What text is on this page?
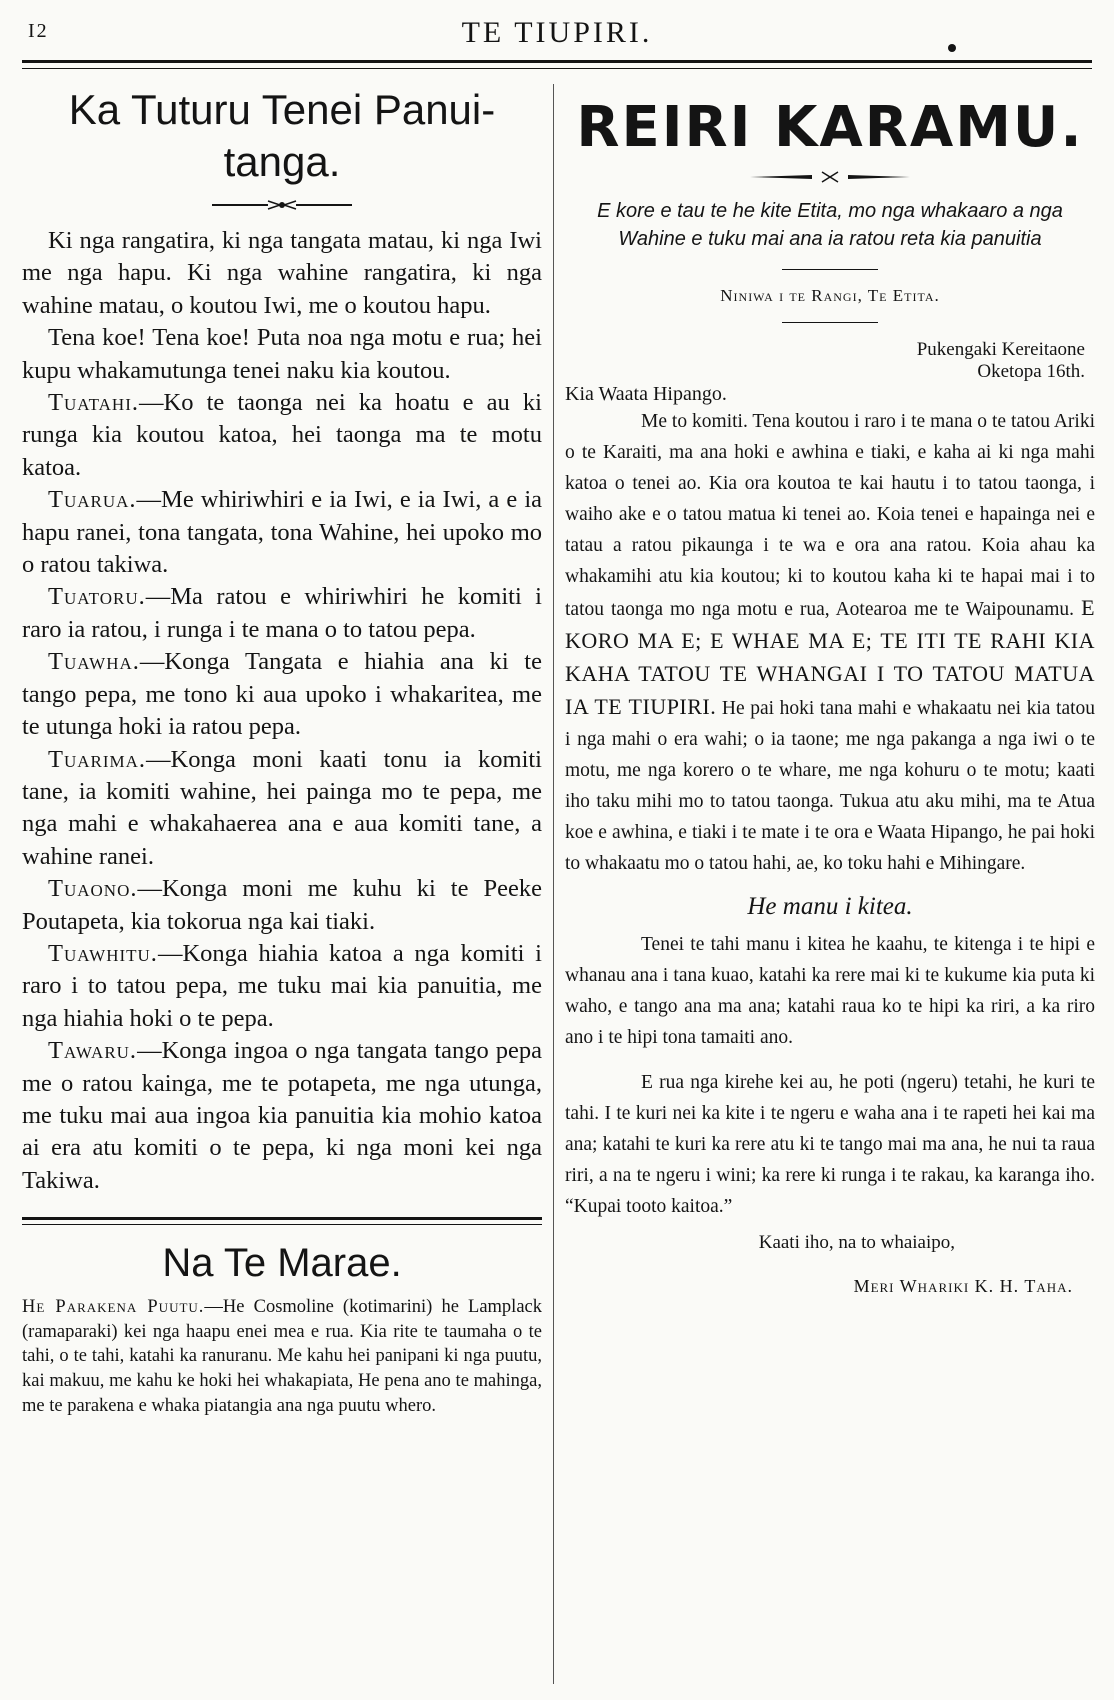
I2	TE TIUPIRI.
Ka Tuturu Tenei Panui-
tanga.

Ki nga rangatira, ki nga tangata matau, ki nga Iwi me nga hapu. Ki nga wahine rangatira, ki nga wahine matau, o koutou Iwi, me o koutou hapu.

Tena koe! Tena koe! Puta noa nga motu e rua; hei kupu whakamutunga tenei naku kia koutou.

Tuatahi.—Ko te taonga nei ka hoatu e au ki runga kia koutou katoa, hei taonga ma te motu katoa.

Tuarua.—Me whiriwhiri e ia Iwi, e ia Iwi, a e ia hapu ranei, tona tangata, tona Wahine, hei upoko mo o ratou takiwa.

Tuatoru.—Ma ratou e whiriwhiri he komiti i raro ia ratou, i runga i te mana o to tatou pepa.

Tuawha.—Konga Tangata e hiahia ana ki te tango pepa, me tono ki aua upoko i whakaritea, me te utunga hoki ia ratou pepa.

Tuarima.—Konga moni kaati tonu ia komiti tane, ia komiti wahine, hei painga mo te pepa, me nga mahi e whakahaerea ana e aua komiti tane, a wahine ranei.

Tuaono.—Konga moni me kuhu ki te Peeke Poutapeta, kia tokorua nga kai tiaki.

Tuawhitu.—Konga hiahia katoa a nga komiti i raro i to tatou pepa, me tuku mai kia panuitia, me nga hiahia hoki o te pepa.

Tawaru.—Konga ingoa o nga tangata tango pepa me o ratou kainga, me te potapeta, me nga utunga, me tuku mai aua ingoa kia panuitia kia mohio katoa ai era atu komiti o te pepa, ki nga moni kei nga Takiwa.

Na Te Marae.

He Parakena Puutu.—He Cosmoline (kotimarini) he Lamplack (ramaparaki) kei nga haapu enei mea e rua. Kia rite te taumaha o te tahi, o te tahi, katahi ka ranuranu. Me kahu hei panipani ki nga puutu, kai makuu, me kahu ke hoki hei whakapiata, He pena ano te mahinga, me te parakena e whaka piatangia ana nga puutu whero.

REIRI KARAMU.

E kore e tau te he kite Etita, mo nga whakaaro a nga Wahine e tuku mai ana ia ratou reta kia panuitia

Niniwa i te Rangi, Te Etita.
Pukengaki Kereitaone
Oketopa 16th.
Kia Waata Hipango.

Me to komiti. Tena koutou i raro i te mana o te tatou Ariki o te Karaiti, ma ana hoki e awhina e tiaki, e kaha ai ki nga mahi katoa o tenei ao. Kia ora koutoa te kai hautu i to tatou taonga, i waiho ake e o tatou matua ki tenei ao. Koia tenei e hapainga nei e tatau a ratou pikaunga i te wa e ora ana ratou. Koia ahau ka whakamihi atu kia koutou; ki to koutou kaha ki te hapai mai i to tatou taonga mo nga motu e rua, Aotearoa me te Waipounamu. E KORO MA E; E WHAE MA E; TE ITI TE RAHI KIA KAHA TATOU TE WHANGAI I TO TATOU MATUA IA TE TIUPIRI. He pai hoki tana mahi e whakaatu nei kia tatou i nga mahi o era wahi; o ia taone; me nga pakanga a nga iwi o te motu, me nga korero o te whare, me nga kohuru o te motu; kaati iho taku mihi mo to tatou taonga. Tukua atu aku mihi, ma te Atua koe e awhina, e tiaki i te mate i te ora e Waata Hipango, he pai hoki to whakaatu mo o tatou hahi, ae, ko toku hahi e Mihingare.

He manu i kitea.

Tenei te tahi manu i kitea he kaahu, te kitenga i te hipi e whanau ana i tana kuao, katahi ka rere mai ki te kukume kia puta ki waho, e tango ana ma ana; katahi raua ko te hipi ka riri, a ka riro ano i te hipi tona tamaiti ano.

E rua nga kirehe kei au, he poti (ngeru) tetahi, he kuri te tahi. I te kuri nei ka kite i te ngeru e waha ana i te rapeti hei kai ma ana; katahi te kuri ka rere atu ki te tango mai ma ana, he nui ta raua riri, a na te ngeru i wini; ka rere ki runga i te rakau, ka karanga iho. “Kupai tooto kaitoa.”

Kaati iho, na to whaiaipo,
Meri Whariki K. H. Taha.
